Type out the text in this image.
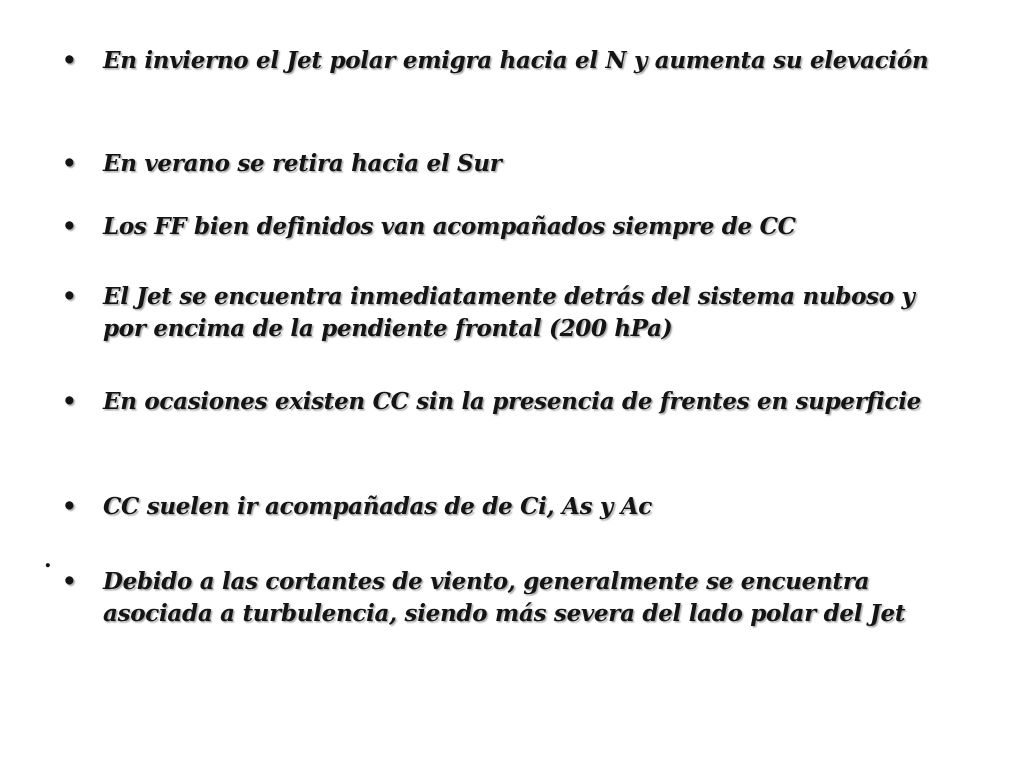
•	En invierno el Jet polar emigra hacia el N y aumenta su elevación
•	En verano se retira hacia el Sur
•	Los FF bien definidos van acompañados siempre de CC
•	El Jet se encuentra inmediatamente detrás del sistema nuboso y por encima de la pendiente frontal (200 hPa)
•	En ocasiones existen CC sin la presencia de frentes en superficie
•	CC suelen ir acompañadas de de Ci, As y Ac
•	Debido a las cortantes de viento, generalmente se encuentra asociada a turbulencia, siendo más severa del lado polar del Jet
.
